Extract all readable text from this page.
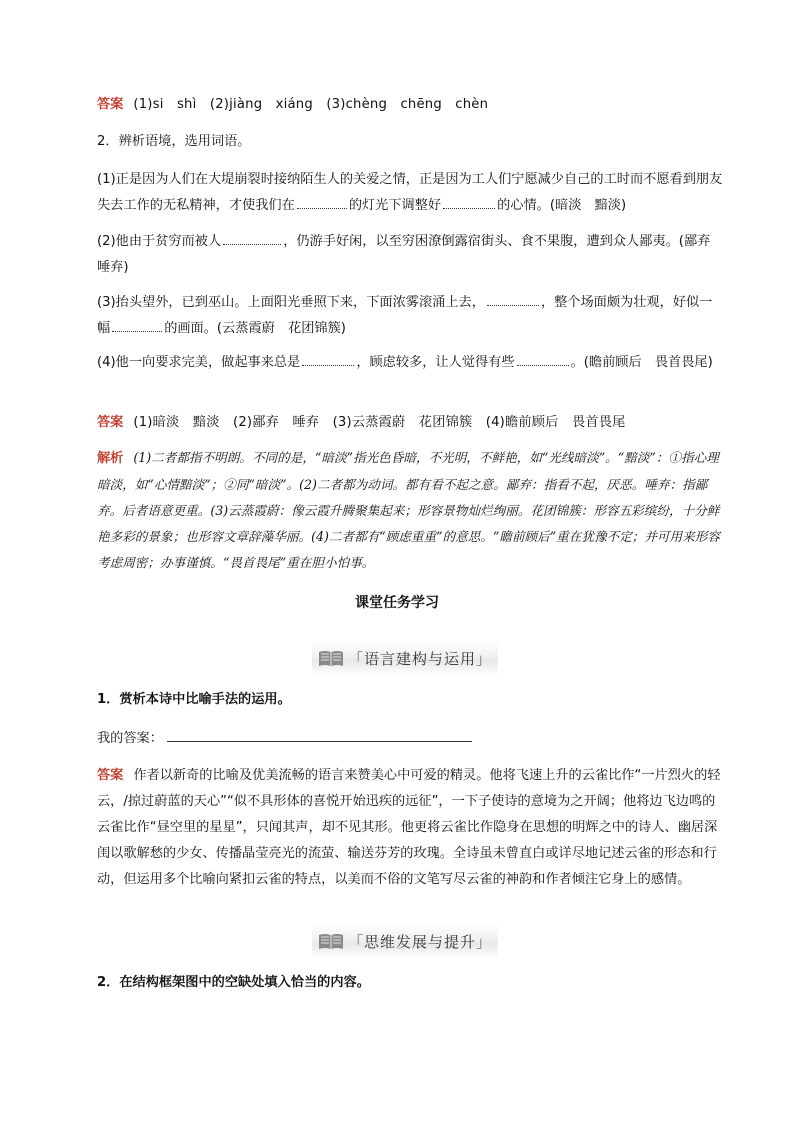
答案 (1)si　shì　(2)jiàng　xiáng　(3)chèng　chēng　chèn
2．辨析语境，选用词语。
(1)正是因为人们在大堤崩裂时接纳陌生人的关爱之情，正是因为工人们宁愿减少自己的工时而不愿看到朋友失去工作的无私精神，才使我们在	的灯光下调整好	的心情。(暗淡　黯淡)
(2)他由于贫穷而被人	，仍游手好闲，以至穷困潦倒露宿街头、食不果腹，遭到众人鄙夷。(鄙弃　唾弃)
(3)抬头望外，已到巫山。上面阳光垂照下来，下面浓雾滚涌上去，	，整个场面颇为壮观，好似一幅	的画面。(云蒸霞蔚　花团锦簇)
(4)他一向要求完美，做起事来总是	，顾虑较多，让人觉得有些	。(瞻前顾后　畏首畏尾)
答案 (1)暗淡　黯淡　(2)鄙弃　唾弃　(3)云蒸霞蔚　花团锦簇　(4)瞻前顾后　畏首畏尾
解析 (1)二者都指不明朗。不同的是，“暗淡”指光色昏暗，不光明，不鲜艳，如“光线暗淡”。“黯淡”：①指心理暗淡，如“心情黯淡”；②同“暗淡”。(2)二者都为动词。都有看不起之意。鄙弃：指看不起，厌恶。唾弃：指鄙弃。后者语意更重。(3)云蒸霞蔚：像云霞升腾聚集起来；形容景物灿烂绚丽。花团锦簇：形容五彩缤纷，十分鲜艳多彩的景象；也形容文章辞藻华丽。(4)二者都有“顾虑重重”的意思。“瞻前顾后”重在犹豫不定；并可用来形容考虑周密；办事谨慎。“畏首畏尾”重在胆小怕事。
课堂任务学习
「语言建构与运用」
1．赏析本诗中比喻手法的运用。
我的答案：
答案 作者以新奇的比喻及优美流畅的语言来赞美心中可爱的精灵。他将飞速上升的云雀比作“一片烈火的轻云，/掠过蔚蓝的天心”“似不具形体的喜悦开始迅疾的远征”，一下子使诗的意境为之开阔；他将边飞边鸣的云雀比作“昼空里的星星”，只闻其声，却不见其形。他更将云雀比作隐身在思想的明辉之中的诗人、幽居深闺以歌解愁的少女、传播晶莹亮光的流萤、输送芬芳的玫瑰。全诗虽未曾直白或详尽地记述云雀的形态和行动，但运用多个比喻向紧扣云雀的特点，以美而不俗的文笔写尽云雀的神韵和作者倾注它身上的感情。
「思维发展与提升」
2．在结构框架图中的空缺处填入恰当的内容。
